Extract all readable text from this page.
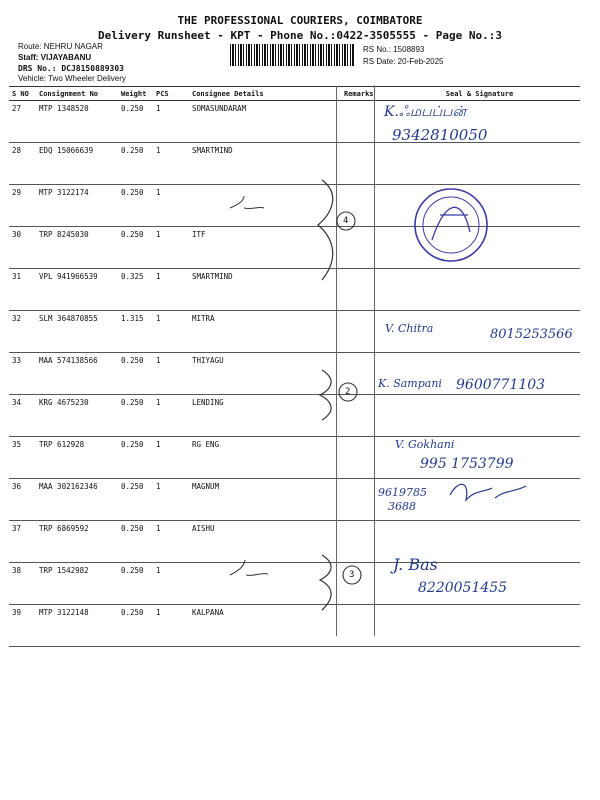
THE PROFESSIONAL COURIERS, COIMBATORE
Delivery Runsheet - KPT - Phone No.:0422-3505555 - Page No.:3
Route: NEHRU NAGAR
Staff: VIJAYABANU
DRS No.: DCJ8150889303
Vehicle: Two Wheeler Delivery
RS No.: 1508893
RS Date: 20-Feb-2025
S NO	Consignment No	Weight	PCS	Consignee Details	Remarks	Seal & Signature
27	MTP 1348520	0.250	1	SOMASUNDARAM		
28	EDQ 15066639	0.250	1	SMARTMIND		
29	MTP 3122174	0.250	1			
30	TRP 8245030	0.250	1	ITF		
31	VPL 941966539	0.325	1	SMARTMIND		
32	SLM 364870855	1.315	1	MITRA		
33	MAA 574138566	0.250	1	THIYAGU		
34	KRG 4675230	0.250	1	LENDING		
35	TRP 612928	0.250	1	RG ENG		
36	MAA 302162346	0.250	1	MAGNUM		
37	TRP 6869592	0.250	1	AISHU		
38	TRP 1542982	0.250	1			
39	MTP 3122148	0.250	1	KALPANA		
K.ஃமபப்பன்
9342810050
4
V. Chitra	8015253566
2
K. Sampani 9600771103
V. Gokhani
995 1753799
9619785
3688
3
J. Bas
8220051455
